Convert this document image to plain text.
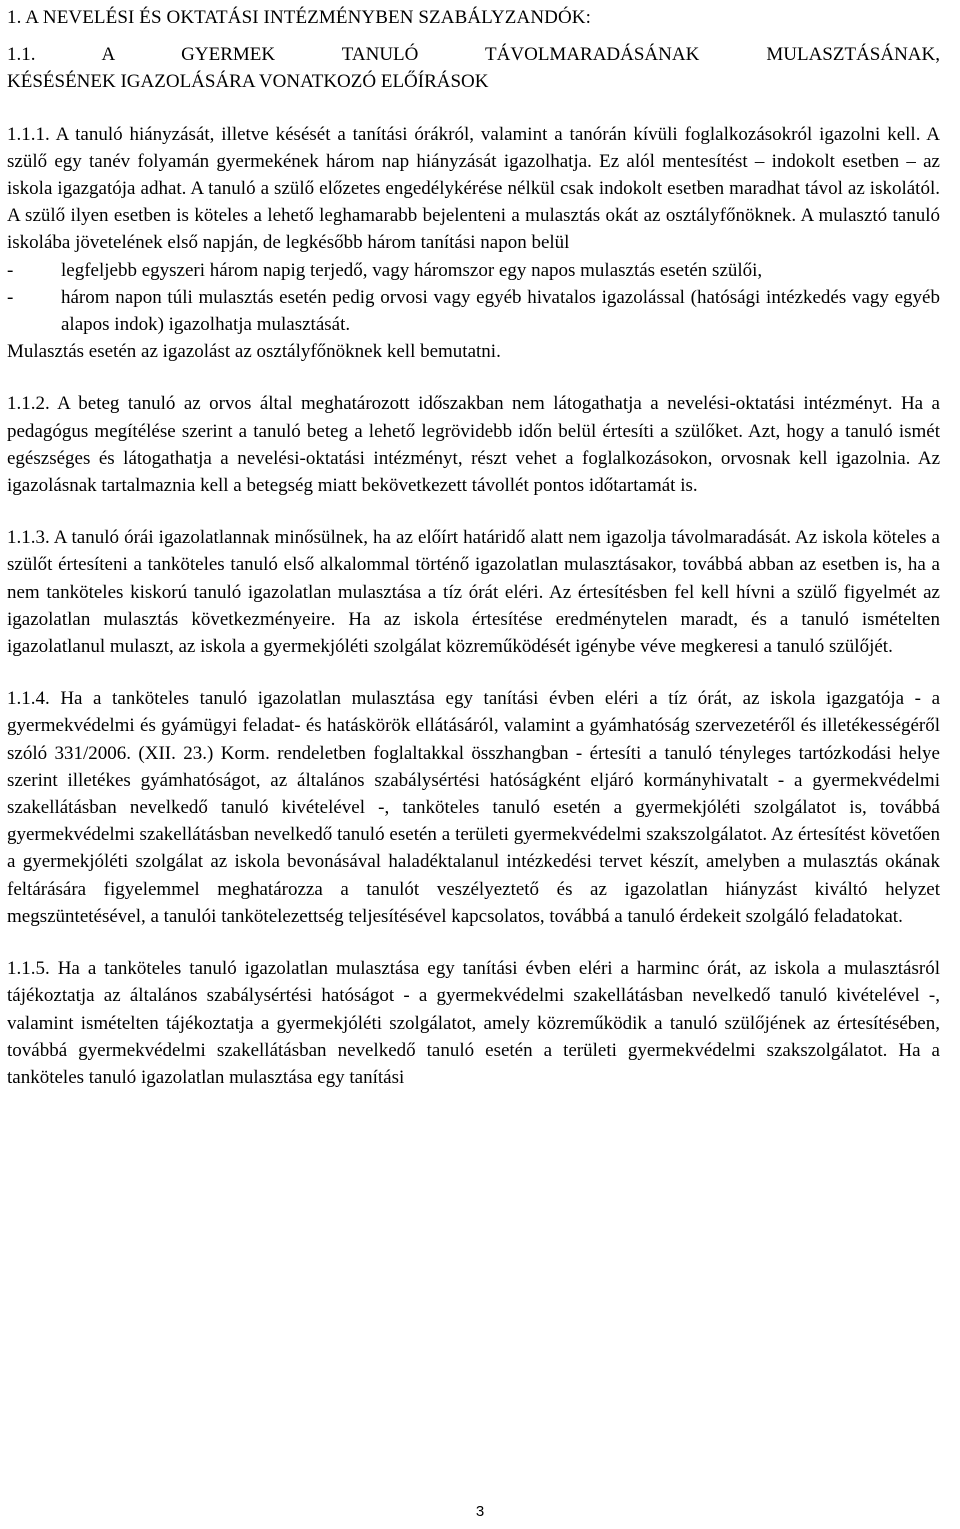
1. A NEVELÉSI ÉS OKTATÁSI INTÉZMÉNYBEN SZABÁLYZANDÓK:
1.1. A GYERMEK TANULÓ TÁVOLMARADÁSÁNAK MULASZTÁSÁNAK,
KÉSÉSÉNEK IGAZOLÁSÁRA VONATKOZÓ ELŐÍRÁSOK

1.1.1. A tanuló hiányzását, illetve késését a tanítási órákról, valamint a tanórán kívüli foglalkozásokról igazolni kell. A szülő egy tanév folyamán gyermekének három nap hiányzását igazolhatja. Ez alól mentesítést – indokolt esetben – az iskola igazgatója adhat. A tanuló a szülő előzetes engedélykérése nélkül csak indokolt esetben maradhat távol az iskolától. A szülő ilyen esetben is köteles a lehető leghamarabb bejelenteni a mulasztás okát az osztályfőnöknek. A mulasztó tanuló iskolába jövetelének első napján, de legkésőbb három tanítási napon belül

-	legfeljebb egyszeri három napig terjedő, vagy háromszor egy napos mulasztás esetén szülői,
-	három napon túli mulasztás esetén pedig orvosi vagy egyéb hivatalos igazolással (hatósági intézkedés vagy egyéb alapos indok) igazolhatja mulasztását.

Mulasztás esetén az igazolást az osztályfőnöknek kell bemutatni.

1.1.2. A beteg tanuló az orvos által meghatározott időszakban nem látogathatja a nevelési-oktatási intézményt. Ha a pedagógus megítélése szerint a tanuló beteg a lehető legrövidebb időn belül értesíti a szülőket. Azt, hogy a tanuló ismét egészséges és látogathatja a nevelési-oktatási intézményt, részt vehet a foglalkozásokon, orvosnak kell igazolnia. Az igazolásnak tartalmaznia kell a betegség miatt bekövetkezett távollét pontos időtartamát is.

1.1.3. A tanuló órái igazolatlannak minősülnek, ha az előírt határidő alatt nem igazolja távolmaradását. Az iskola köteles a szülőt értesíteni a tanköteles tanuló első alkalommal történő igazolatlan mulasztásakor, továbbá abban az esetben is, ha a nem tanköteles kiskorú tanuló igazolatlan mulasztása a tíz órát eléri. Az értesítésben fel kell hívni a szülő figyelmét az igazolatlan mulasztás következményeire. Ha az iskola értesítése eredménytelen maradt, és a tanuló ismételten igazolatlanul mulaszt, az iskola a gyermekjóléti szolgálat közreműködését igénybe véve megkeresi a tanuló szülőjét.

1.1.4. Ha a tanköteles tanuló igazolatlan mulasztása egy tanítási évben eléri a tíz órát, az iskola igazgatója - a gyermekvédelmi és gyámügyi feladat- és hatáskörök ellátásáról, valamint a gyámhatóság szervezetéről és illetékességéről szóló 331/2006. (XII. 23.) Korm. rendeletben foglaltakkal összhangban - értesíti a tanuló tényleges tartózkodási helye szerint illetékes gyámhatóságot, az általános szabálysértési hatóságként eljáró kormányhivatalt - a gyermekvédelmi szakellátásban nevelkedő tanuló kivételével -, tanköteles tanuló esetén a gyermekjóléti szolgálatot is, továbbá gyermekvédelmi szakellátásban nevelkedő tanuló esetén a területi gyermekvédelmi szakszolgálatot. Az értesítést követően a gyermekjóléti szolgálat az iskola bevonásával haladéktalanul intézkedési tervet készít, amelyben a mulasztás okának feltárására figyelemmel meghatározza a tanulót veszélyeztető és az igazolatlan hiányzást kiváltó helyzet megszüntetésével, a tanulói tankötelezettség teljesítésével kapcsolatos, továbbá a tanuló érdekeit szolgáló feladatokat.

1.1.5. Ha a tanköteles tanuló igazolatlan mulasztása egy tanítási évben eléri a harminc órát, az iskola a mulasztásról tájékoztatja az általános szabálysértési hatóságot - a gyermekvédelmi szakellátásban nevelkedő tanuló kivételével -, valamint ismételten tájékoztatja a gyermekjóléti szolgálatot, amely közreműködik a tanuló szülőjének az értesítésében, továbbá gyermekvédelmi szakellátásban nevelkedő tanuló esetén a területi gyermekvédelmi szakszolgálatot. Ha a tanköteles tanuló igazolatlan mulasztása egy tanítási

3
